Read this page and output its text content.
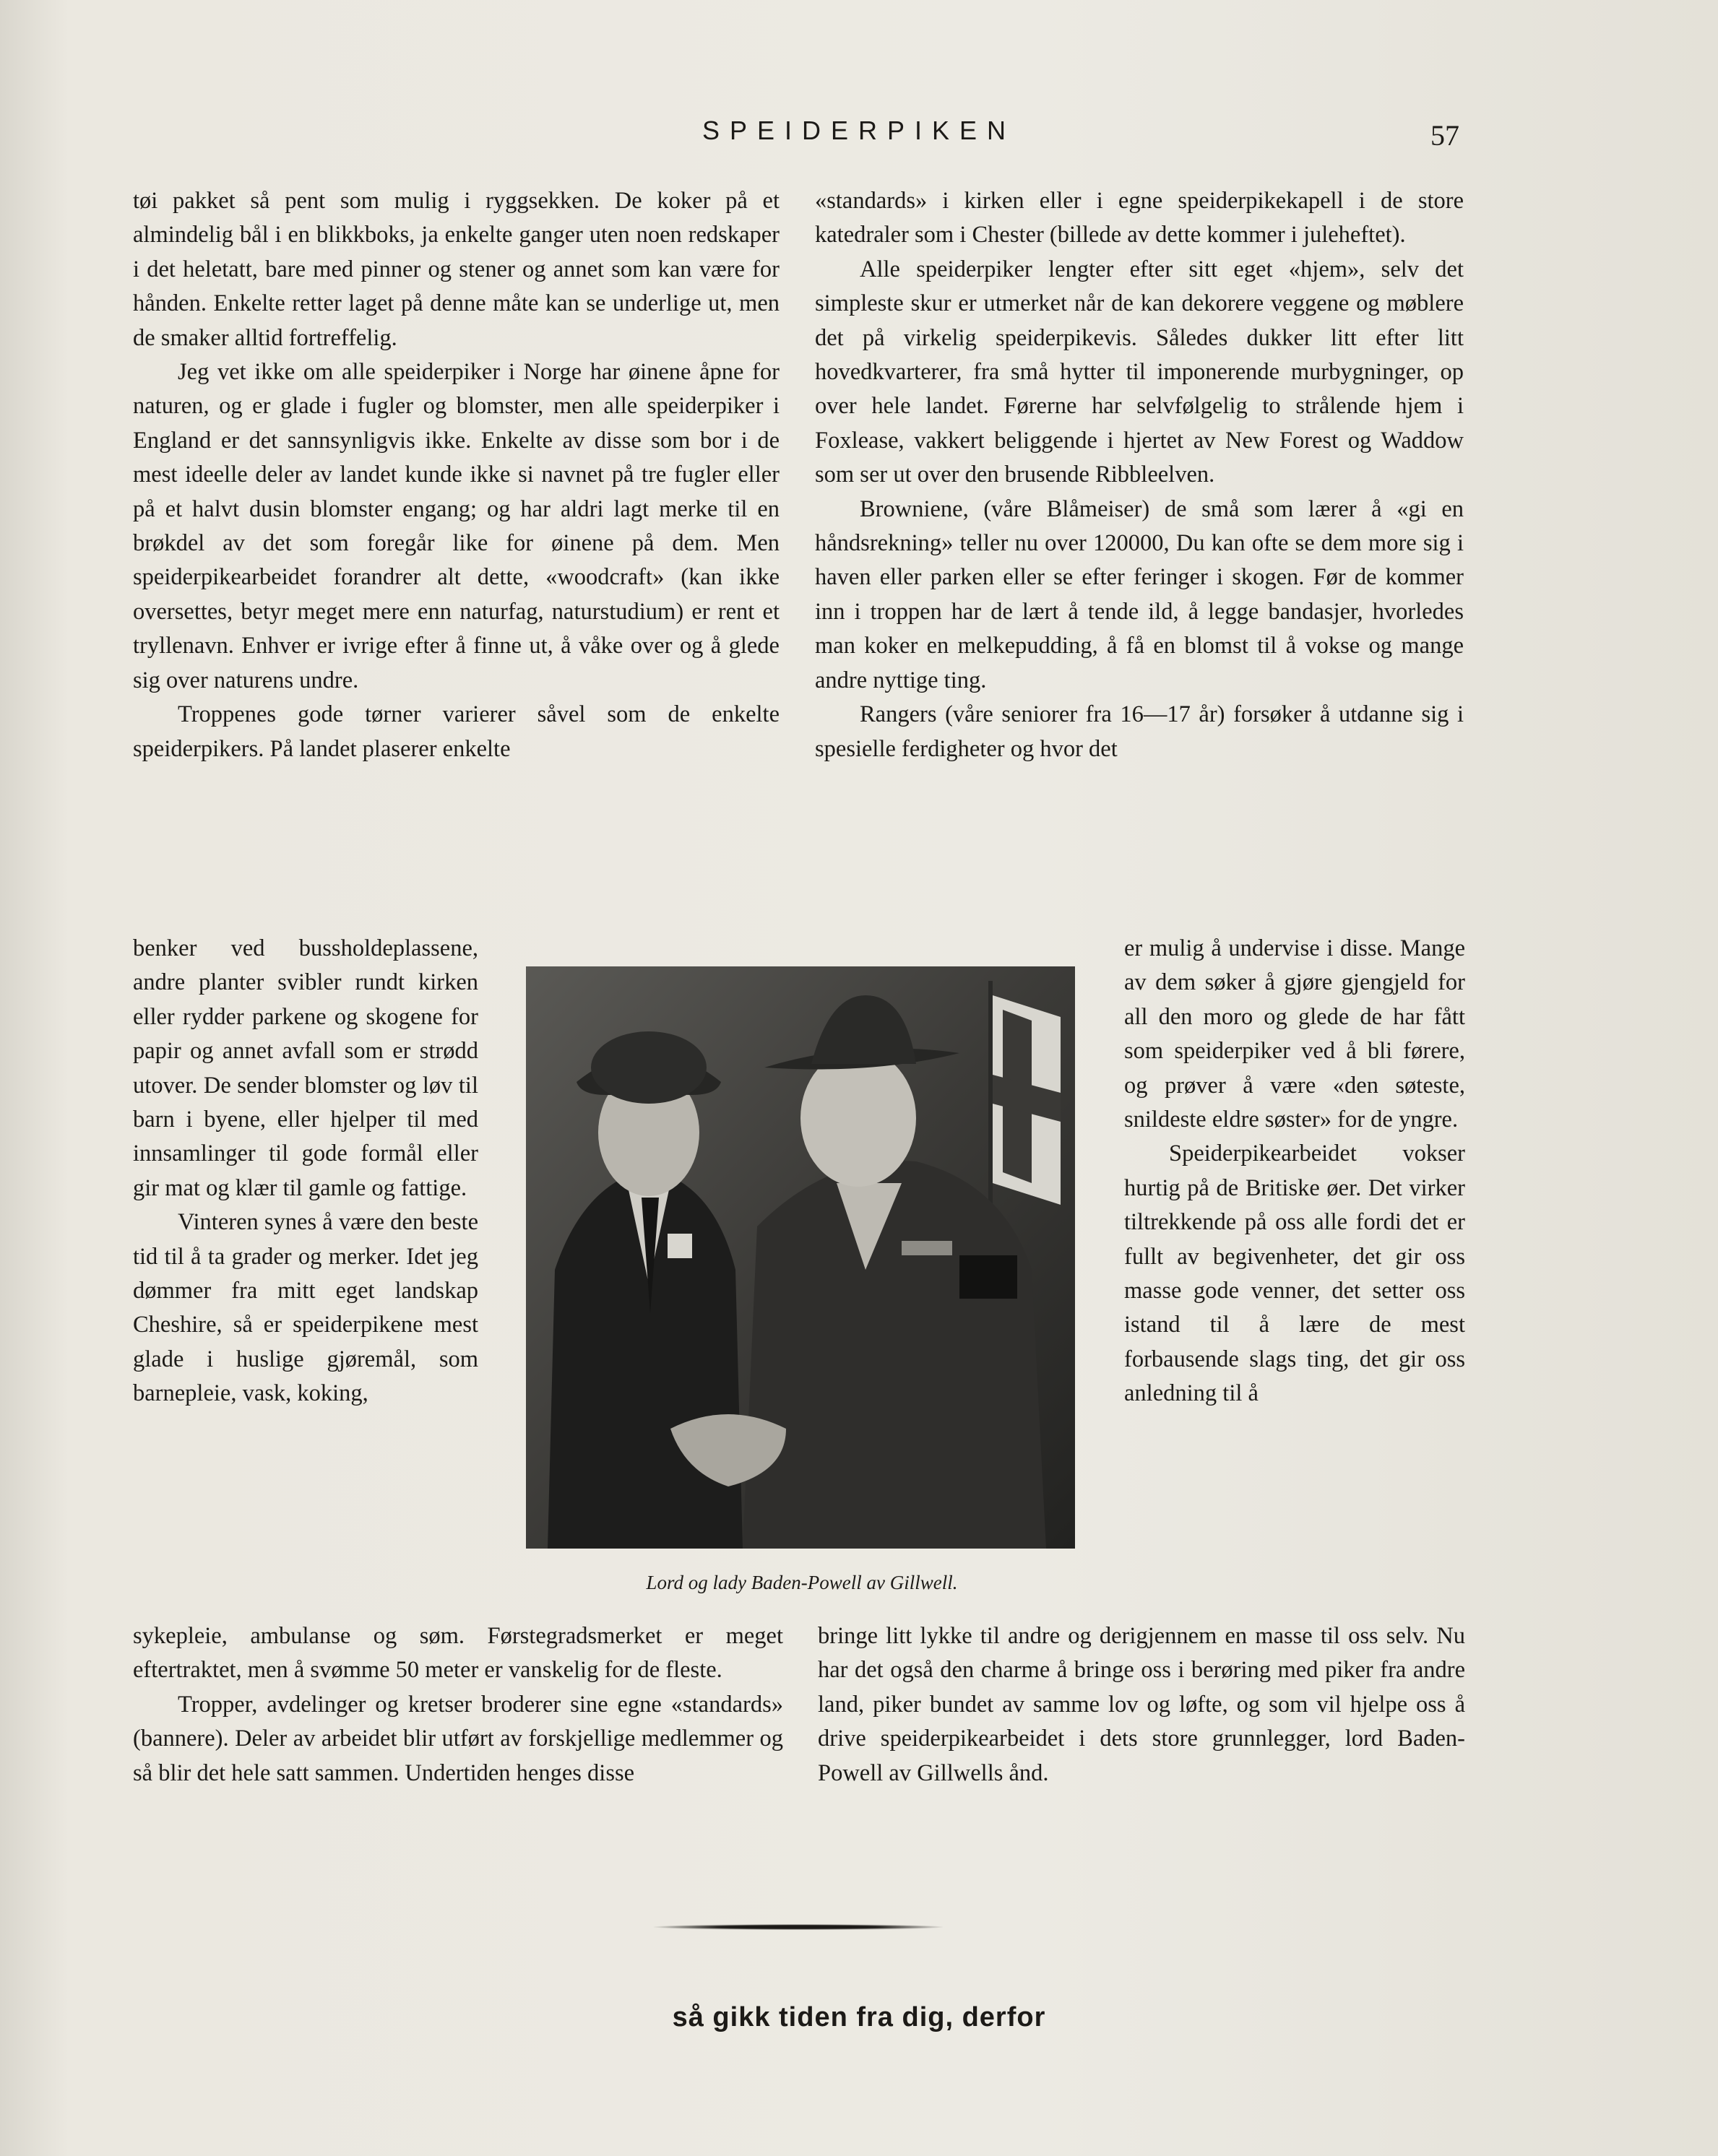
SPEIDERPIKEN	57

tøi pakket så pent som mulig i ryggsekken. De koker på et almindelig bål i en blikkboks, ja enkelte ganger uten noen redskaper i det heletatt, bare med pinner og stener og annet som kan være for hånden. Enkelte retter laget på denne måte kan se underlige ut, men de smaker alltid fortreffelig.

Jeg vet ikke om alle speiderpiker i Norge har øinene åpne for naturen, og er glade i fugler og blomster, men alle speiderpiker i England er det sannsynligvis ikke. Enkelte av disse som bor i de mest ideelle deler av landet kunde ikke si navnet på tre fugler eller på et halvt dusin blomster engang; og har aldri lagt merke til en brøkdel av det som foregår like for øinene på dem. Men speiderpikearbeidet forandrer alt dette, «woodcraft» (kan ikke oversettes, betyr meget mere enn naturfag, naturstudium) er rent et tryllenavn. Enhver er ivrige efter å finne ut, å våke over og å glede sig over naturens undre.

Troppenes gode tørner varierer såvel som de enkelte speiderpikers. På landet plaserer enkelte

«standards» i kirken eller i egne speiderpikekapell i de store katedraler som i Chester (billede av dette kommer i juleheftet).

Alle speiderpiker lengter efter sitt eget «hjem», selv det simpleste skur er utmerket når de kan dekorere veggene og møblere det på virkelig speiderpikevis. Således dukker litt efter litt hovedkvarterer, fra små hytter til imponerende murbygninger, op over hele landet. Førerne har selvfølgelig to strålende hjem i Foxlease, vakkert beliggende i hjertet av New Forest og Waddow som ser ut over den brusende Ribbleelven.

Browniene, (våre Blåmeiser) de små som lærer å «gi en håndsrekning» teller nu over 120000, Du kan ofte se dem more sig i haven eller parken eller se efter feringer i skogen. Før de kommer inn i troppen har de lært å tende ild, å legge bandasjer, hvorledes man koker en melkepudding, å få en blomst til å vokse og mange andre nyttige ting.

Rangers (våre seniorer fra 16—17 år) forsøker å utdanne sig i spesielle ferdigheter og hvor det

benker ved bussholdeplassene, andre planter svibler rundt kirken eller rydder parkene og skogene for papir og annet avfall som er strødd utover. De sender blomster og løv til barn i byene, eller hjelper til med innsamlinger til gode formål eller gir mat og klær til gamle og fattige.

Vinteren synes å være den beste tid til å ta grader og merker. Idet jeg dømmer fra mitt eget landskap Cheshire, så er speiderpikene mest glade i huslige gjøremål, som barnepleie, vask, koking,

Lord og lady Baden-Powell av Gillwell.

er mulig å undervise i disse. Mange av dem søker å gjøre gjengjeld for all den moro og glede de har fått som speiderpiker ved å bli førere, og prøver å være «den søteste, snildeste eldre søster» for de yngre.

Speiderpikearbeidet vokser hurtig på de Britiske øer. Det virker tiltrekkende på oss alle fordi det er fullt av begivenheter, det gir oss masse gode venner, det setter oss istand til å lære de mest forbausende slags ting, det gir oss anledning til å

sykepleie, ambulanse og søm. Førstegradsmerket er meget eftertraktet, men å svømme 50 meter er vanskelig for de fleste.

Tropper, avdelinger og kretser broderer sine egne «standards» (bannere). Deler av arbeidet blir utført av forskjellige medlemmer og så blir det hele satt sammen. Undertiden henges disse

bringe litt lykke til andre og derigjennem en masse til oss selv. Nu har det også den charme å bringe oss i berøring med piker fra andre land, piker bundet av samme lov og løfte, og som vil hjelpe oss å drive speiderpikearbeidet i dets store grunnlegger, lord Baden-Powell av Gillwells ånd.

så gikk tiden fra dig, derfor
